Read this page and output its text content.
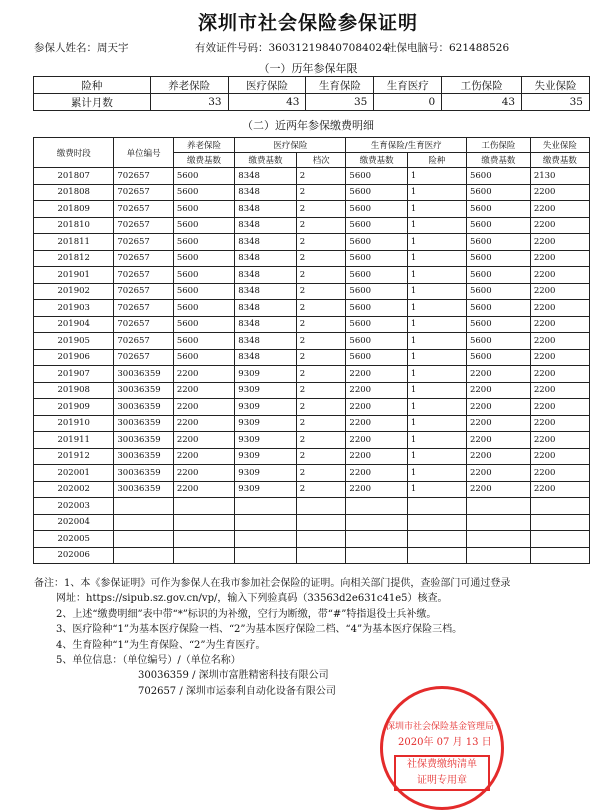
深圳市社会保险参保证明
参保人姓名：周天宇	有效证件号码：360312198407084024
社保电脑号：621488526
（一）历年参保年限
险种	养老保险	医疗保险	生育保险	生育医疗	工伤保险	失业保险
累计月数	33	43	35	0	43	35
（二）近两年参保缴费明细
缴费时段	单位编号	养老保险	医疗保险		生育保险/生育医疗		工伤保险	失业保险
		缴费基数	缴费基数	档次	缴费基数	险种	缴费基数	缴费基数
201807	702657	5600	8348	2	5600	1	5600	2130
201808	702657	5600	8348	2	5600	1	5600	2200
201809	702657	5600	8348	2	5600	1	5600	2200
201810	702657	5600	8348	2	5600	1	5600	2200
201811	702657	5600	8348	2	5600	1	5600	2200
201812	702657	5600	8348	2	5600	1	5600	2200
201901	702657	5600	8348	2	5600	1	5600	2200
201902	702657	5600	8348	2	5600	1	5600	2200
201903	702657	5600	8348	2	5600	1	5600	2200
201904	702657	5600	8348	2	5600	1	5600	2200
201905	702657	5600	8348	2	5600	1	5600	2200
201906	702657	5600	8348	2	5600	1	5600	2200
201907	30036359	2200	9309	2	2200	1	2200	2200
201908	30036359	2200	9309	2	2200	1	2200	2200
201909	30036359	2200	9309	2	2200	1	2200	2200
201910	30036359	2200	9309	2	2200	1	2200	2200
201911	30036359	2200	9309	2	2200	1	2200	2200
201912	30036359	2200	9309	2	2200	1	2200	2200
202001	30036359	2200	9309	2	2200	1	2200	2200
202002	30036359	2200	9309	2	2200	1	2200	2200
202003								
202004								
202005								
202006								
备注：1、本《参保证明》可作为参保人在我市参加社会保险的证明。向相关部门提供，查验部门可通过登录
网址：https://sipub.sz.gov.cn/vp/，输入下列验真码（33563d2e631c41e5）核查。
2、上述“缴费明细”表中带“*”标识的为补缴，空行为断缴，带“#”特指退役士兵补缴。
3、医疗险种“1”为基本医疗保险一档、“2”为基本医疗保险二档、“4”为基本医疗保险三档。
4、生育险种“1”为生育保险、“2”为生育医疗。
5、单位信息：（单位编号）/（单位名称）
30036359 / 深圳市富胜精密科技有限公司
702657 / 深圳市运泰利自动化设备有限公司
深圳市社会保险基金管理局
2020年 07 月 13 日
社保费缴纳清单
证明专用章
